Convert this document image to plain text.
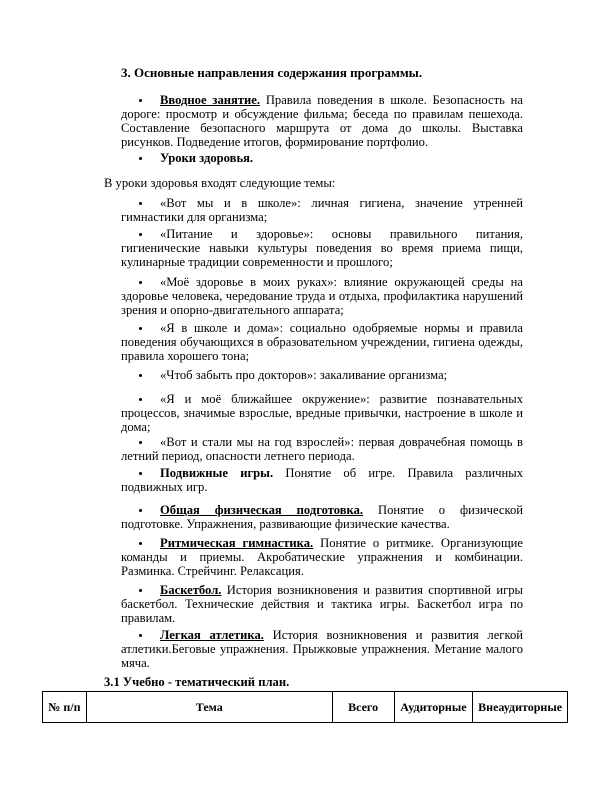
3. Основные направления содержания программы.
Вводное занятие. Правила поведения в школе. Безопасность на дороге: просмотр и обсуждение фильма; беседа по правилам пешехода. Составление безопасного маршрута от дома до школы. Выставка рисунков. Подведение итогов, формирование портфолио.
Уроки здоровья.
В уроки здоровья входят следующие темы:
«Вот мы и в школе»: личная гигиена, значение утренней гимнастики для организма;
«Питание и здоровье»: основы правильного питания, гигиенические навыки культуры поведения во время приема пищи, кулинарные традиции современности и прошлого;
«Моё здоровье в моих руках»: влияние окружающей среды на здоровье человека, чередование труда и отдыха, профилактика нарушений зрения и опорно-двигательного аппарата;
«Я в школе и дома»: социально одобряемые нормы и правила поведения обучающихся в образовательном учреждении, гигиена одежды, правила хорошего тона;
«Чтоб забыть про докторов»: закаливание организма;
«Я и моё ближайшее окружение»: развитие познавательных процессов, значимые взрослые, вредные привычки, настроение в школе и дома;
«Вот и стали мы на год взрослей»: первая доврачебная помощь в летний период, опасности летнего периода.
Подвижные игры. Понятие об игре. Правила различных подвижных игр.
Общая физическая подготовка. Понятие о физической подготовке. Упражнения, развивающие физические качества.
Ритмическая гимнастика. Понятие о ритмике. Организующие команды и приемы. Акробатические упражнения и комбинации. Разминка. Стрейчинг. Релаксация.
Баскетбол. История возникновения и развития спортивной игры баскетбол. Технические действия и тактика игры. Баскетбол игра по правилам.
Легкая атлетика. История возникновения и развития легкой атлетики.Беговые упражнения. Прыжковые упражнения. Метание малого мяча.
3.1 Учебно - тематический план.
№ п/п	Тема	Всего	Аудиторные	Внеаудиторные
